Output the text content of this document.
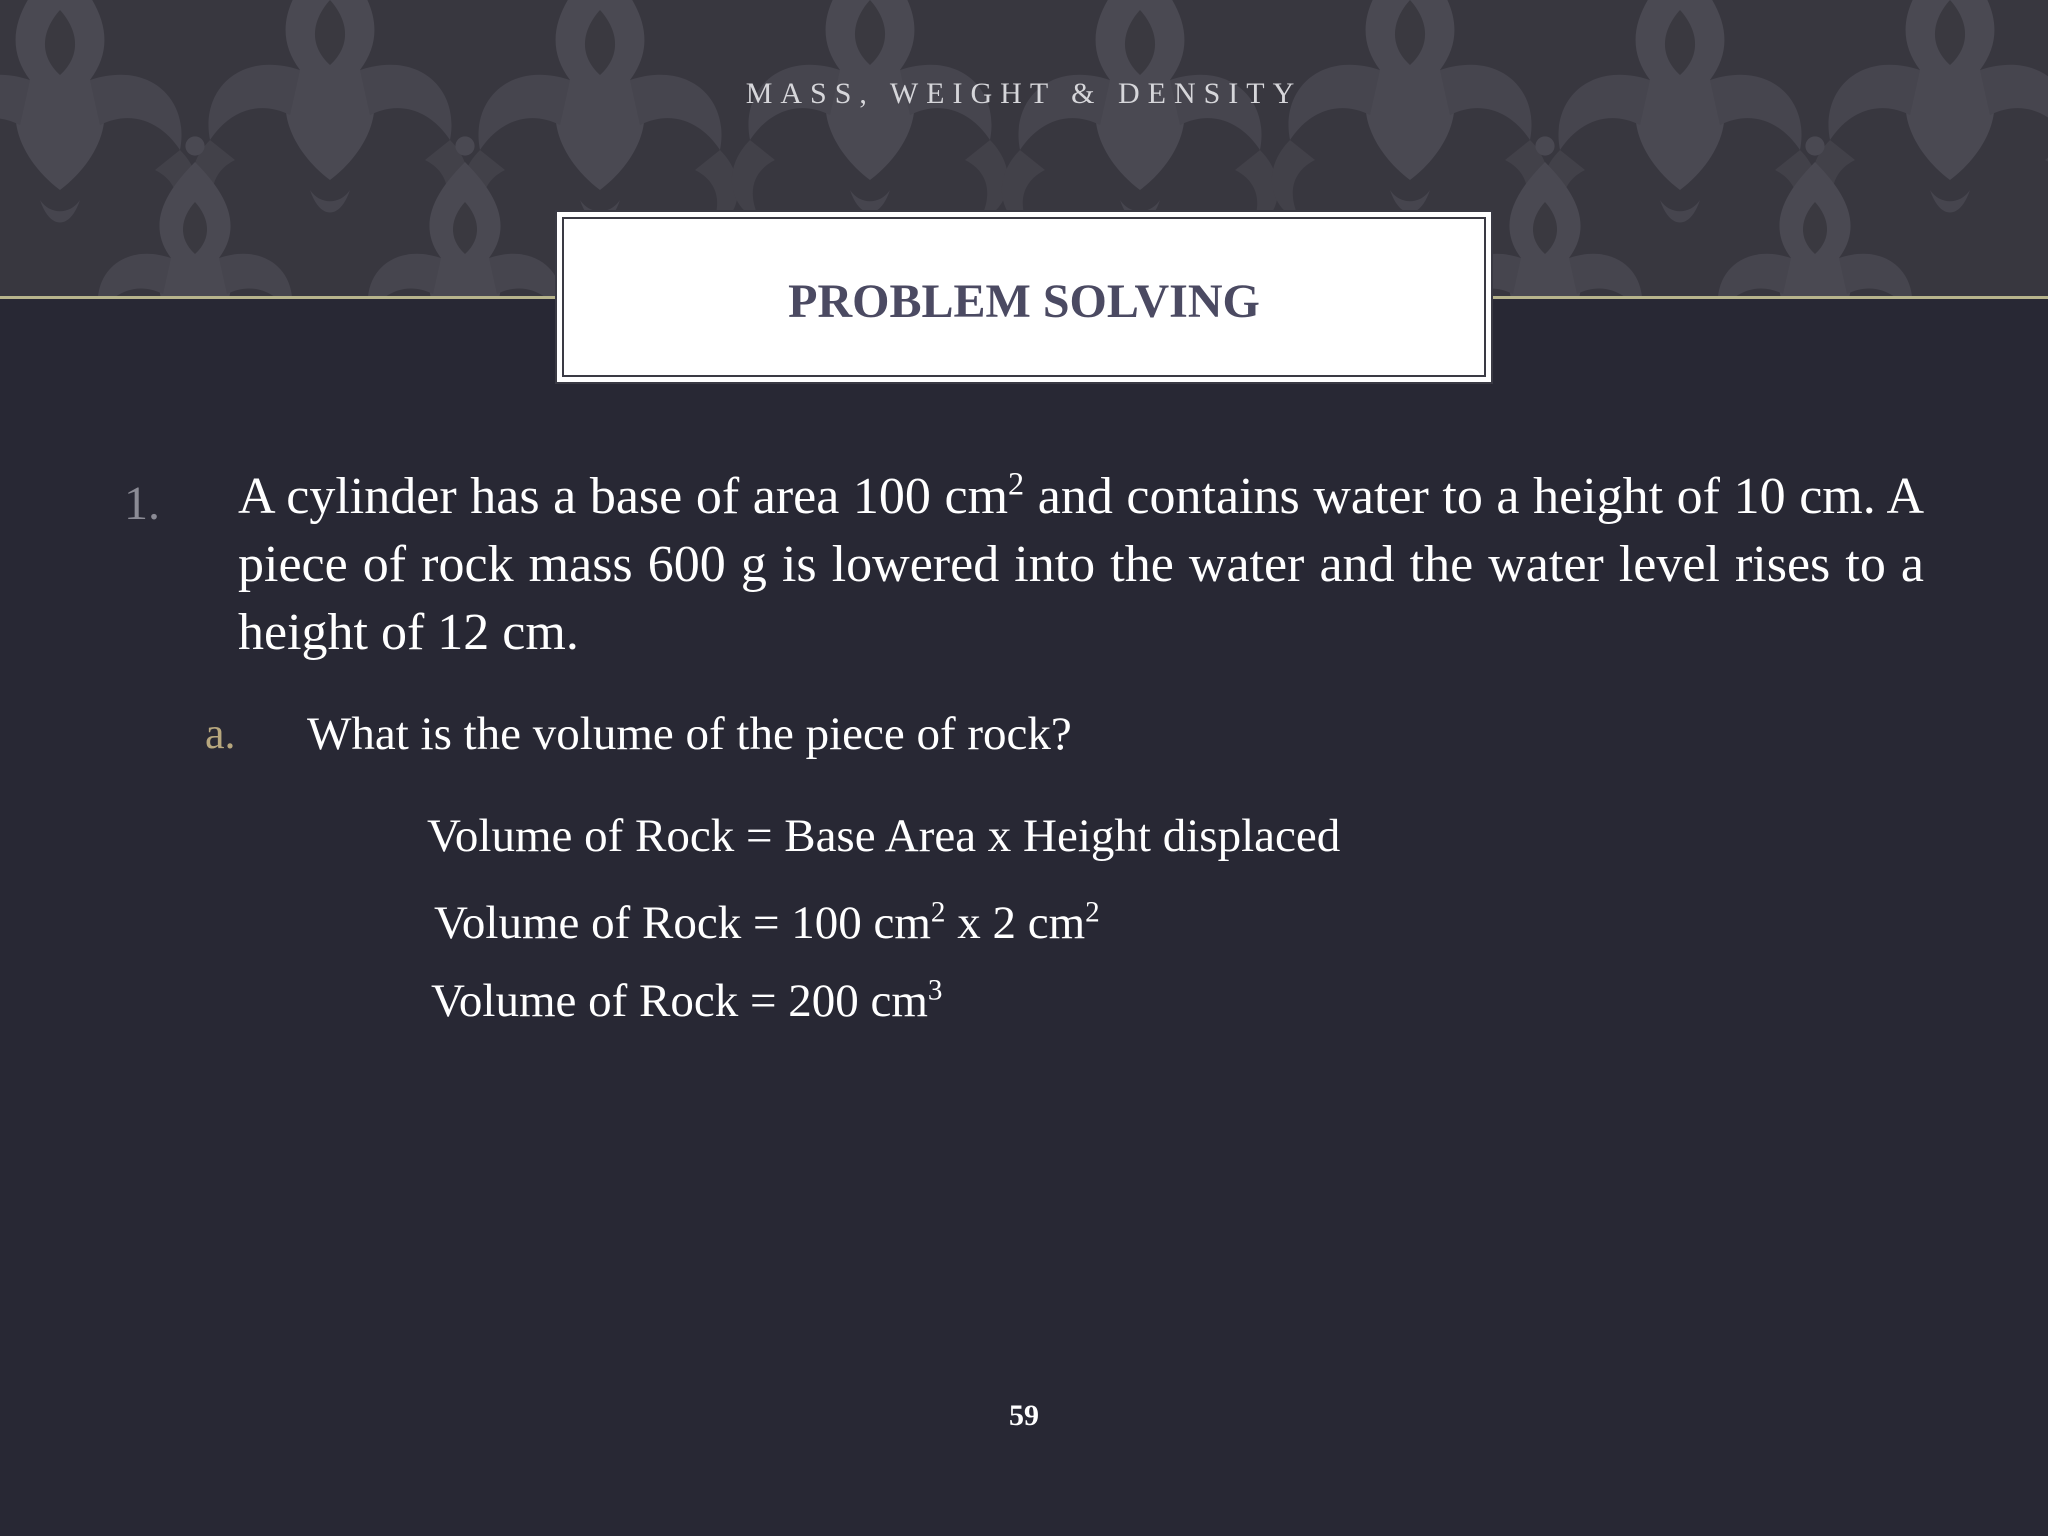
MASS, WEIGHT & DENSITY
PROBLEM SOLVING
1. A cylinder has a base of area 100 $cm^2$ and contains water to a height of 10 cm. A piece of rock mass 600 g is lowered into the water and the water level rises to a height of 12 cm.
a. What is the volume of the piece of rock?
Volume of Rock = Base Area x Height displaced
Volume of Rock = 100 $cm^2$ x 2 $cm^2$
Volume of Rock = 200 $cm^3$
59
